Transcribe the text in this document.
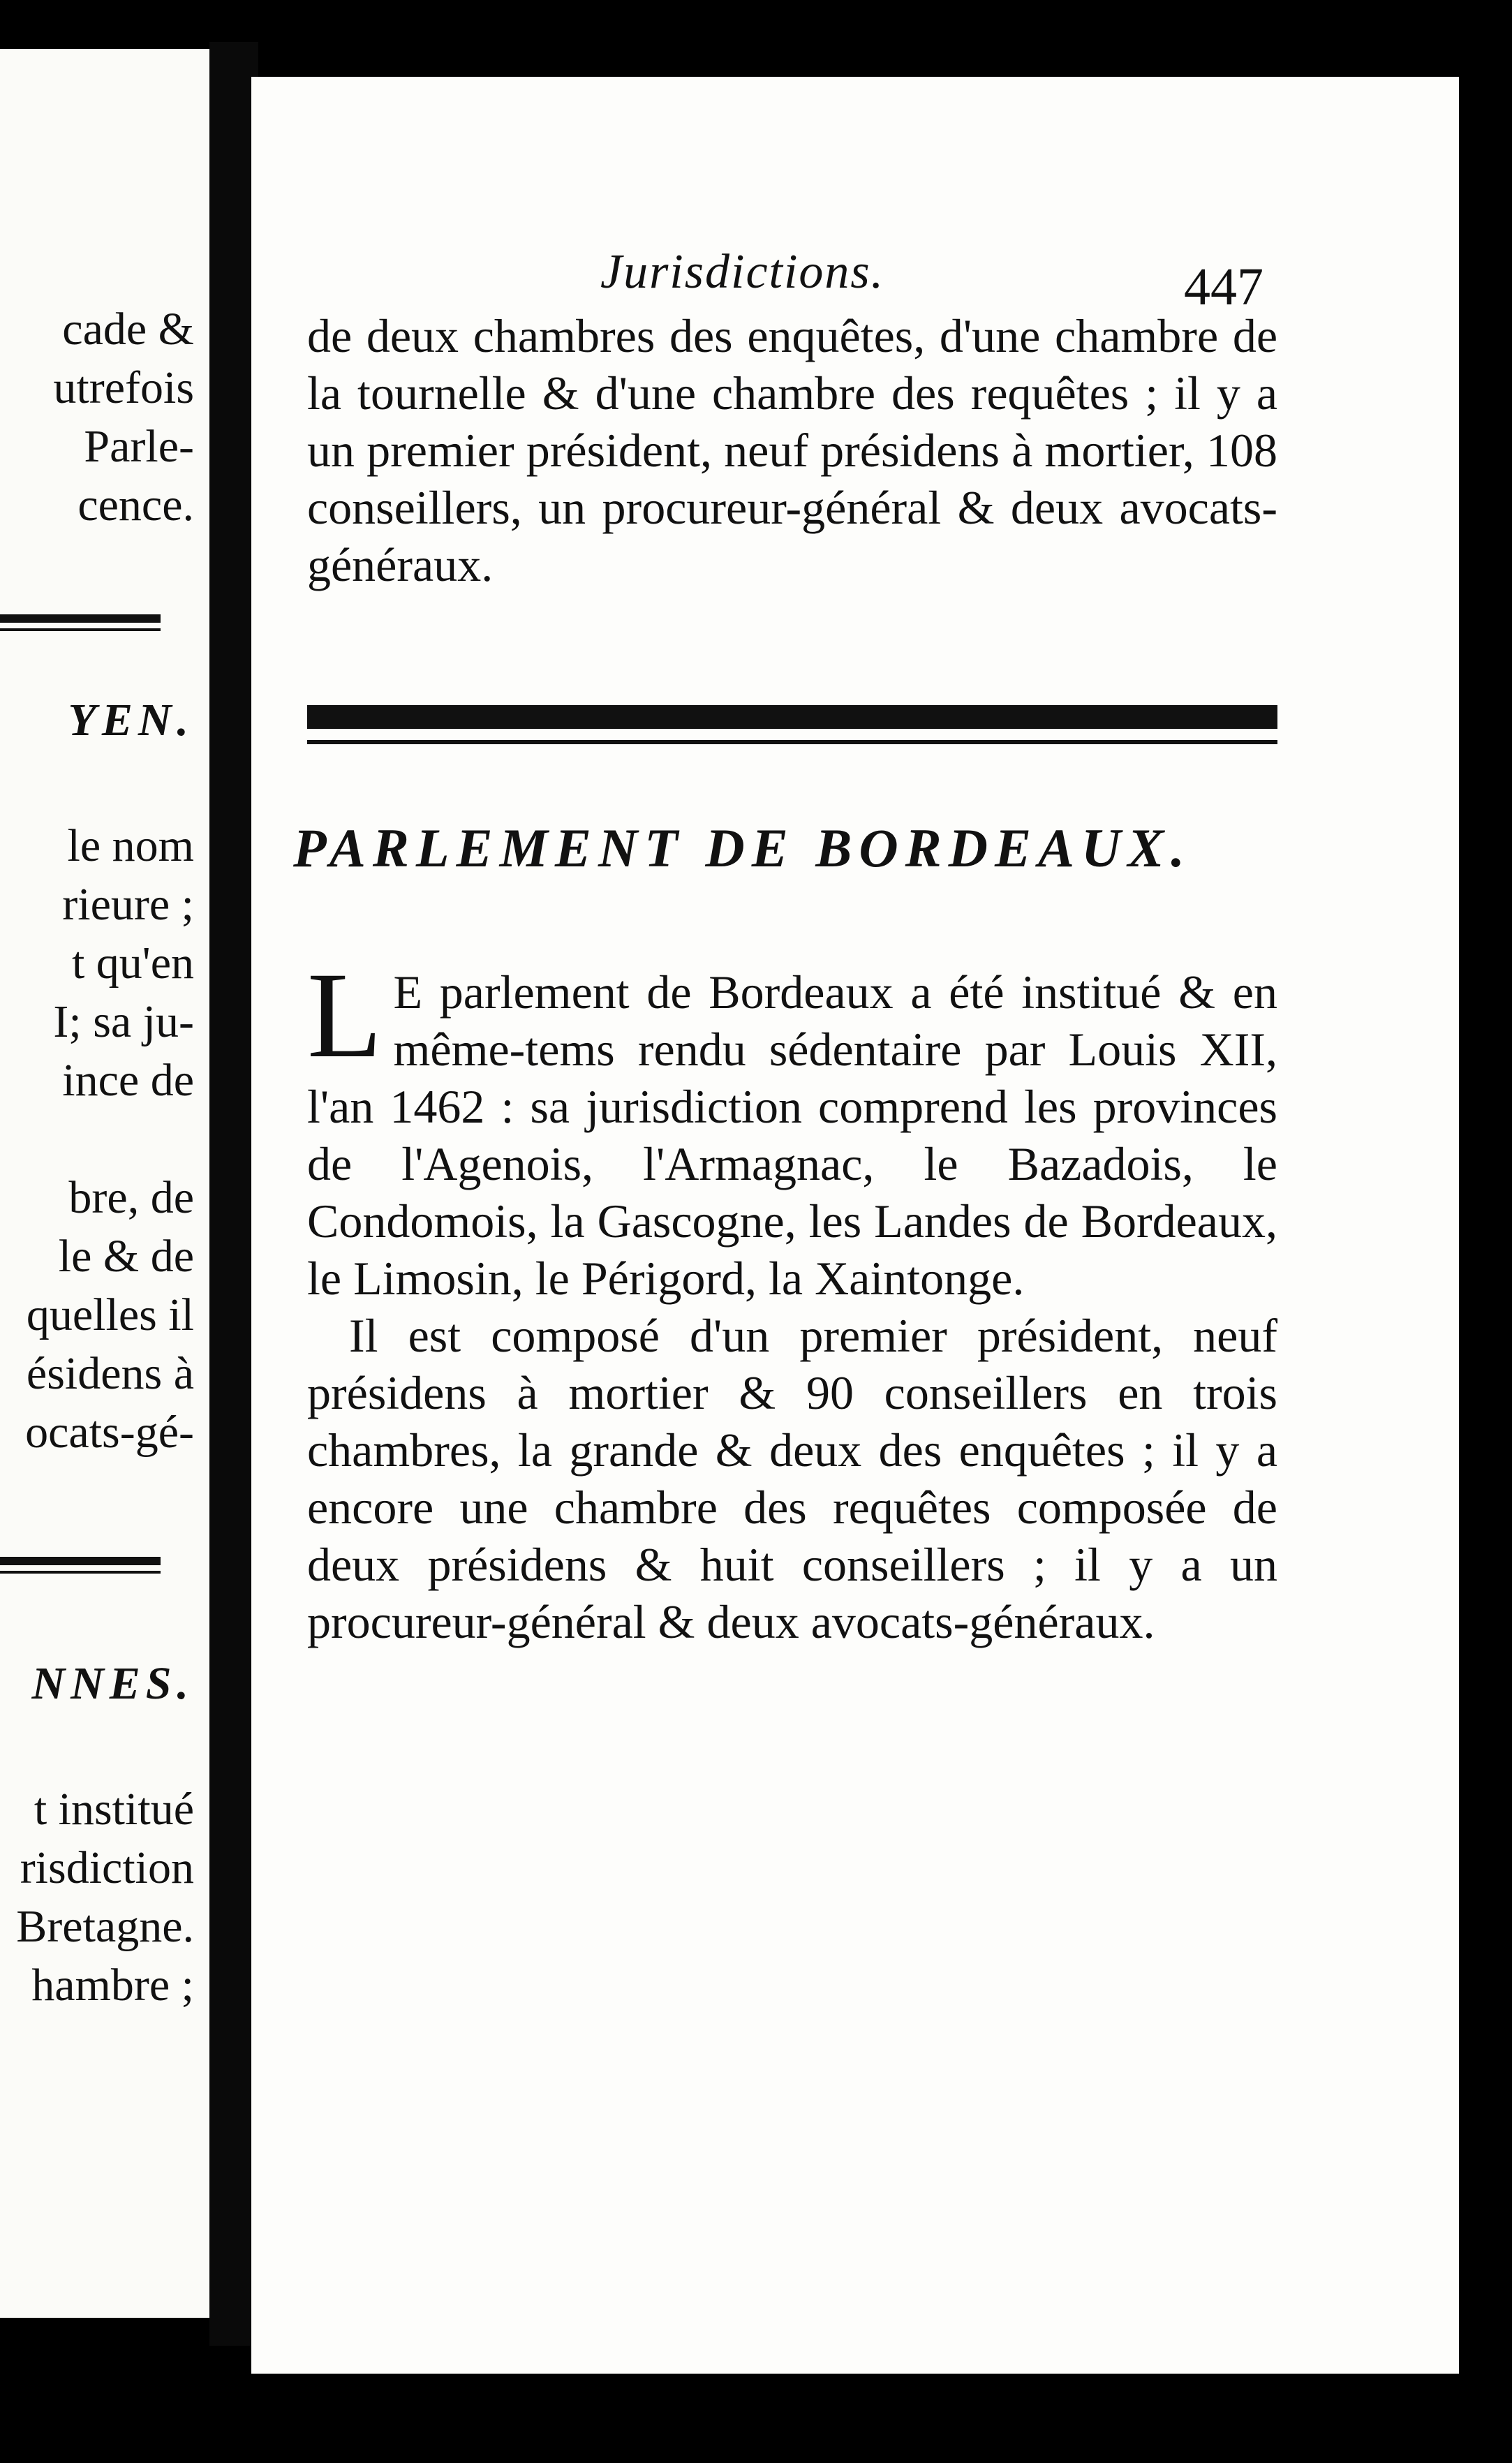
cade &
utrefois
Parle-
cence.
YEN.
le nom
rieure ;
t qu'en
I; sa ju-
ince de

bre, de
le & de
quelles il
ésidens à
ocats-gé-
NNES.
t institué
risdiction
Bretagne.
hambre ;
Jurisdictions.	447

de deux chambres des enquêtes, d'une chambre de la tournelle & d'une chambre des requêtes ; il y a un premier président, neuf présidens à mortier, 108 conseillers, un procureur-général & deux avocats-généraux.

PARLEMENT DE BORDEAUX.

L E parlement de Bordeaux a été institué & en même-tems rendu sédentaire par Louis XII, l'an 1462 : sa jurisdiction comprend les provinces de l'Agenois, l'Armagnac, le Bazadois, le Condomois, la Gascogne, les Landes de Bordeaux, le Limosin, le Périgord, la Xaintonge.

Il est composé d'un premier président, neuf présidens à mortier & 90 conseillers en trois chambres, la grande & deux des enquêtes ; il y a encore une chambre des requêtes composée de deux présidens & huit conseillers ; il y a un procureur-général & deux avocats-généraux.
